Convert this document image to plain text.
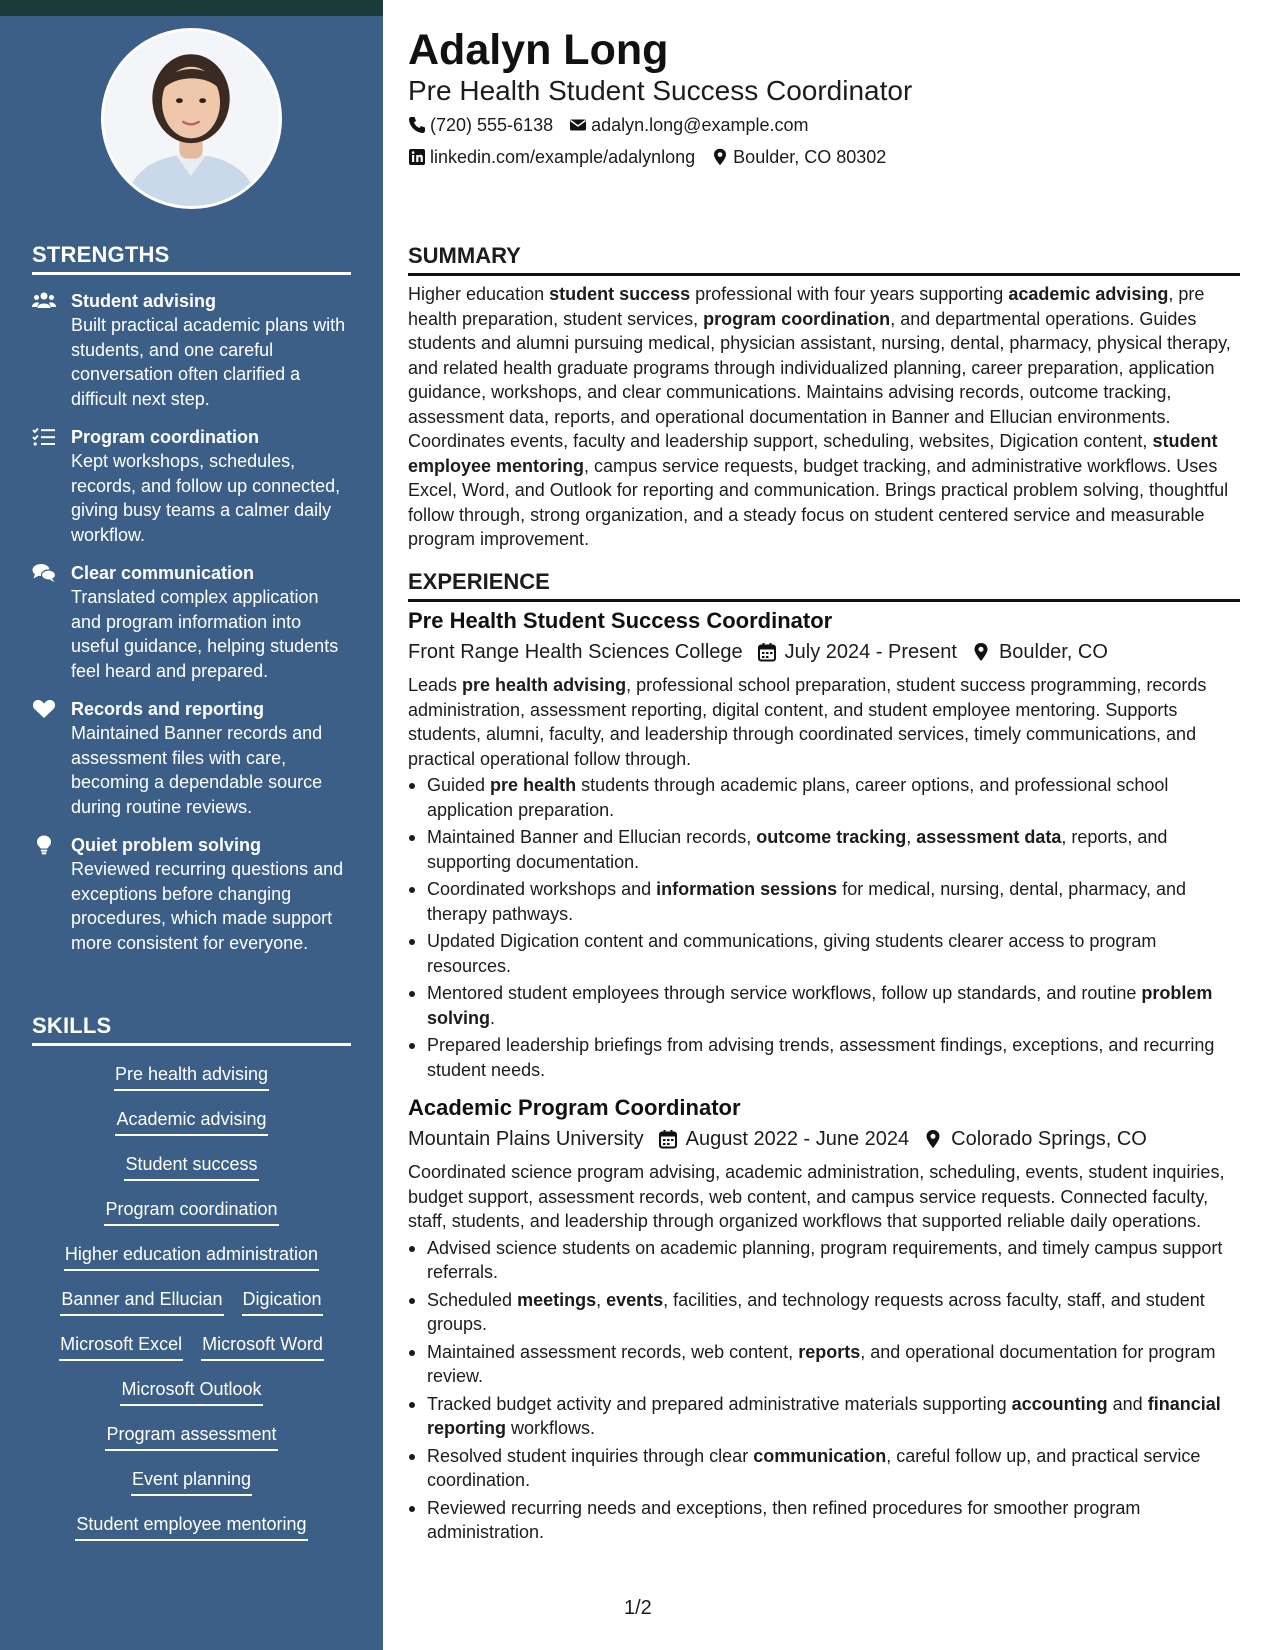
STRENGTHS
Student advising
Built practical academic plans with students, and one careful conversation often clarified a difficult next step.
Program coordination
Kept workshops, schedules, records, and follow up connected, giving busy teams a calmer daily workflow.
Clear communication
Translated complex application and program information into useful guidance, helping students feel heard and prepared.
Records and reporting
Maintained Banner records and assessment files with care, becoming a dependable source during routine reviews.
Quiet problem solving
Reviewed recurring questions and exceptions before changing procedures, which made support more consistent for everyone.
SKILLS
Pre health advising
Academic advising
Student success
Program coordination
Higher education administration
Banner and Ellucian Digication
Microsoft Excel Microsoft Word
Microsoft Outlook
Program assessment
Event planning
Student employee mentoring
Adalyn Long
Pre Health Student Success Coordinator
(720) 555-6138 adalyn.long@example.com
linkedin.com/example/adalynlong Boulder, CO 80302
SUMMARY

Higher education student success professional with four years supporting academic advising, pre health preparation, student services, program coordination, and departmental operations. Guides students and alumni pursuing medical, physician assistant, nursing, dental, pharmacy, physical therapy, and related health graduate programs through individualized planning, career preparation, application guidance, workshops, and clear communications. Maintains advising records, outcome tracking, assessment data, reports, and operational documentation in Banner and Ellucian environments. Coordinates events, faculty and leadership support, scheduling, websites, Digication content, student employee mentoring, campus service requests, budget tracking, and administrative workflows. Uses Excel, Word, and Outlook for reporting and communication. Brings practical problem solving, thoughtful follow through, strong organization, and a steady focus on student centered service and measurable program improvement.

EXPERIENCE
Pre Health Student Success Coordinator
Front Range Health Sciences College July 2024 - Present Boulder, CO

Leads pre health advising, professional school preparation, student success programming, records administration, assessment reporting, digital content, and student employee mentoring. Supports students, alumni, faculty, and leadership through coordinated services, timely communications, and practical operational follow through.

Guided pre health students through academic plans, career options, and professional school application preparation.
Maintained Banner and Ellucian records, outcome tracking, assessment data, reports, and supporting documentation.
Coordinated workshops and information sessions for medical, nursing, dental, pharmacy, and therapy pathways.
Updated Digication content and communications, giving students clearer access to program resources.
Mentored student employees through service workflows, follow up standards, and routine problem solving.
Prepared leadership briefings from advising trends, assessment findings, exceptions, and recurring student needs.
Academic Program Coordinator
Mountain Plains University August 2022 - June 2024 Colorado Springs, CO

Coordinated science program advising, academic administration, scheduling, events, student inquiries, budget support, assessment records, web content, and campus service requests. Connected faculty, staff, students, and leadership through organized workflows that supported reliable daily operations.

Advised science students on academic planning, program requirements, and timely campus support referrals.
Scheduled meetings, events, facilities, and technology requests across faculty, staff, and student groups.
Maintained assessment records, web content, reports, and operational documentation for program review.
Tracked budget activity and prepared administrative materials supporting accounting and financial reporting workflows.
Resolved student inquiries through clear communication, careful follow up, and practical service coordination.
Reviewed recurring needs and exceptions, then refined procedures for smoother program administration.
1/2
